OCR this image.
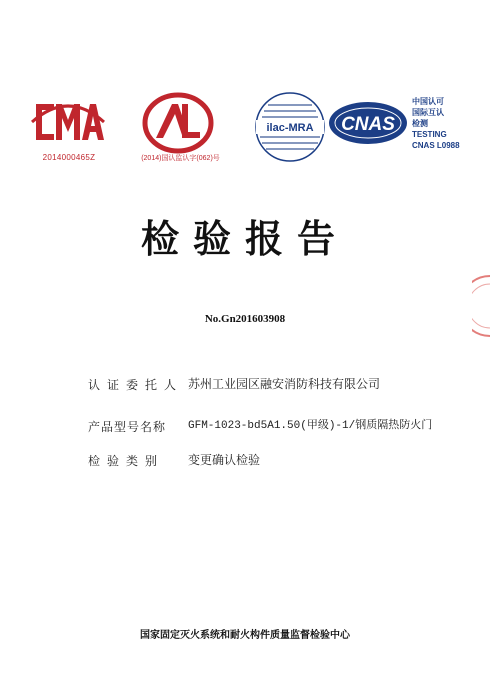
2014000465Z	(2014)国认监认字(062)号
ilac-MRA CNAS
中国认可
国际互认
检测
TESTING
CNAS L0988
检验报告
No.Gn201603908
认证委托人 苏州工业园区融安消防科技有限公司
产品型号名称	GFM-1023-bd5A1.50(甲级)-1/钢质隔热防火门
检验类别	变更确认检验
国家固定灭火系统和耐火构件质量监督检验中心
